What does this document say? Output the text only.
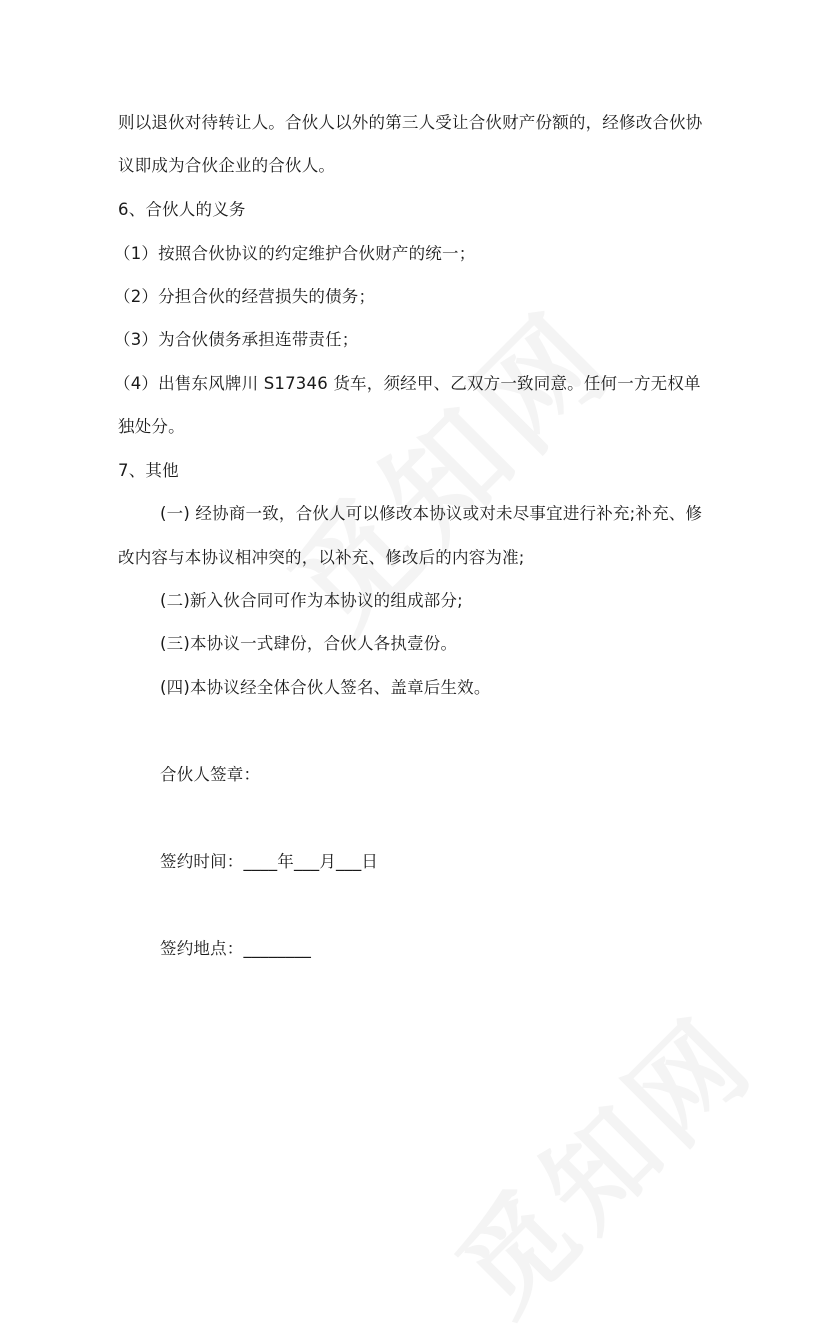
则以退伙对待转让人。合伙人以外的第三人受让合伙财产份额的，经修改合伙协
议即成为合伙企业的合伙人。
6、合伙人的义务
（1）按照合伙协议的约定维护合伙财产的统一；
（2）分担合伙的经营损失的债务；
（3）为合伙债务承担连带责任；
（4）出售东风牌川 S17346 货车，须经甲、乙双方一致同意。任何一方无权单
独处分。
7、其他
(一) 经协商一致，合伙人可以修改本协议或对未尽事宜进行补充;补充、修
改内容与本协议相冲突的，以补充、修改后的内容为准;
(二)新入伙合同可作为本协议的组成部分;
(三)本协议一式肆份，合伙人各执壹份。
(四)本协议经全体合伙人签名、盖章后生效。
合伙人签章：
签约时间：____年___月___日
签约地点：________
